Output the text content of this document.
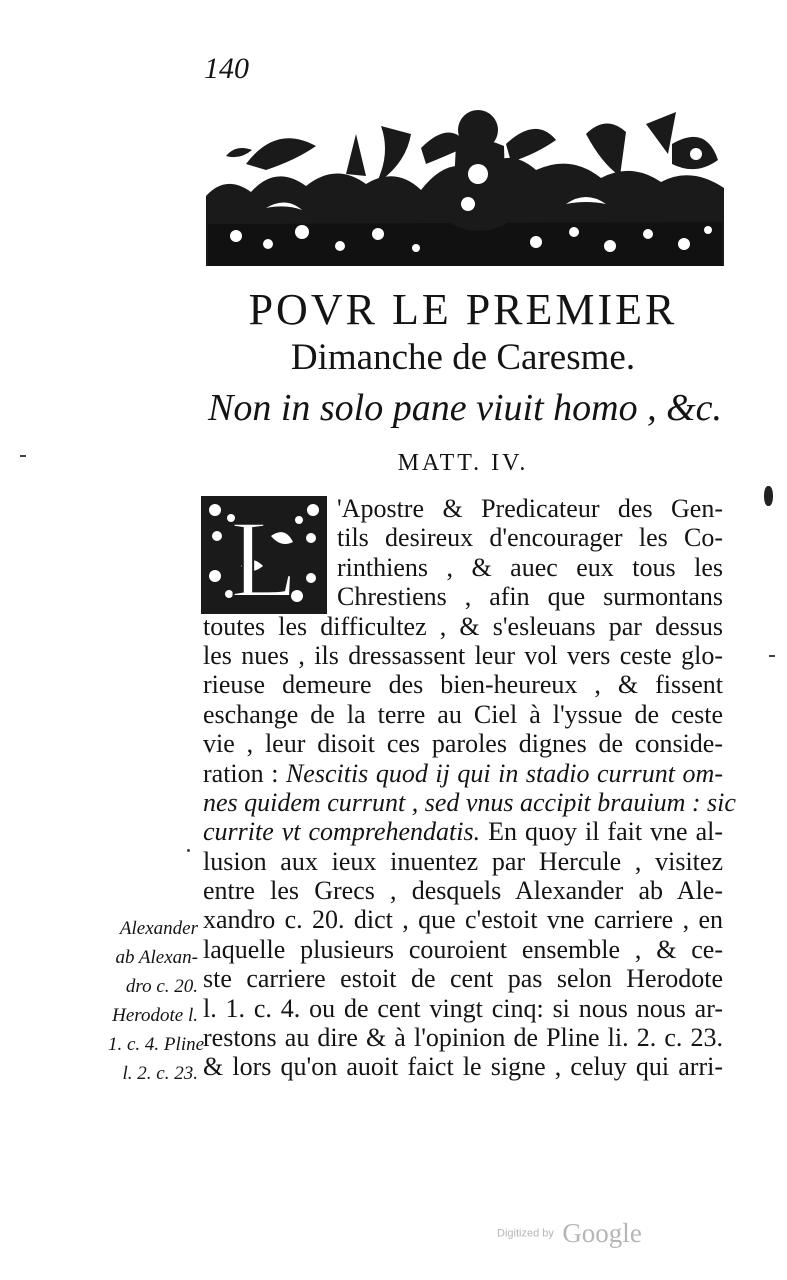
140
POVR LE PREMIER
Dimanche de Caresme.
Non in solo pane viuit homo , &c.
MATT. IV.
L	'Apostre & Predicateur des Gen-
tils desireux d'encourager les Co-
rinthiens , & auec eux tous les
Chrestiens , afin que surmontans
toutes les difficultez , & s'esleuans par dessus
les nues , ils dressassent leur vol vers ceste glo-
rieuse demeure des bien-heureux , & fissent
eschange de la terre au Ciel à l'yssue de ceste
vie , leur disoit ces paroles dignes de conside-
ration : Nescitis quod ij qui in stadio currunt om-
nes quidem currunt , sed vnus accipit brauium : sic
currite vt comprehendatis. En quoy il fait vne al-
lusion aux ieux inuentez par Hercule , visitez
entre les Grecs , desquels Alexander ab Ale-
xandro c. 20. dict , que c'estoit vne carriere , en
laquelle plusieurs couroient ensemble , & ce-
ste carriere estoit de cent pas selon Herodote
l. 1. c. 4. ou de cent vingt cinq: si nous nous ar-
restons au dire & à l'opinion de Pline li. 2. c. 23.
& lors qu'on auoit faict le signe , celuy qui arri-
Alexander
ab Alexan-
dro c. 20.
Herodote l.
1. c. 4. Pline
l. 2. c. 23.
Digitized by Google
